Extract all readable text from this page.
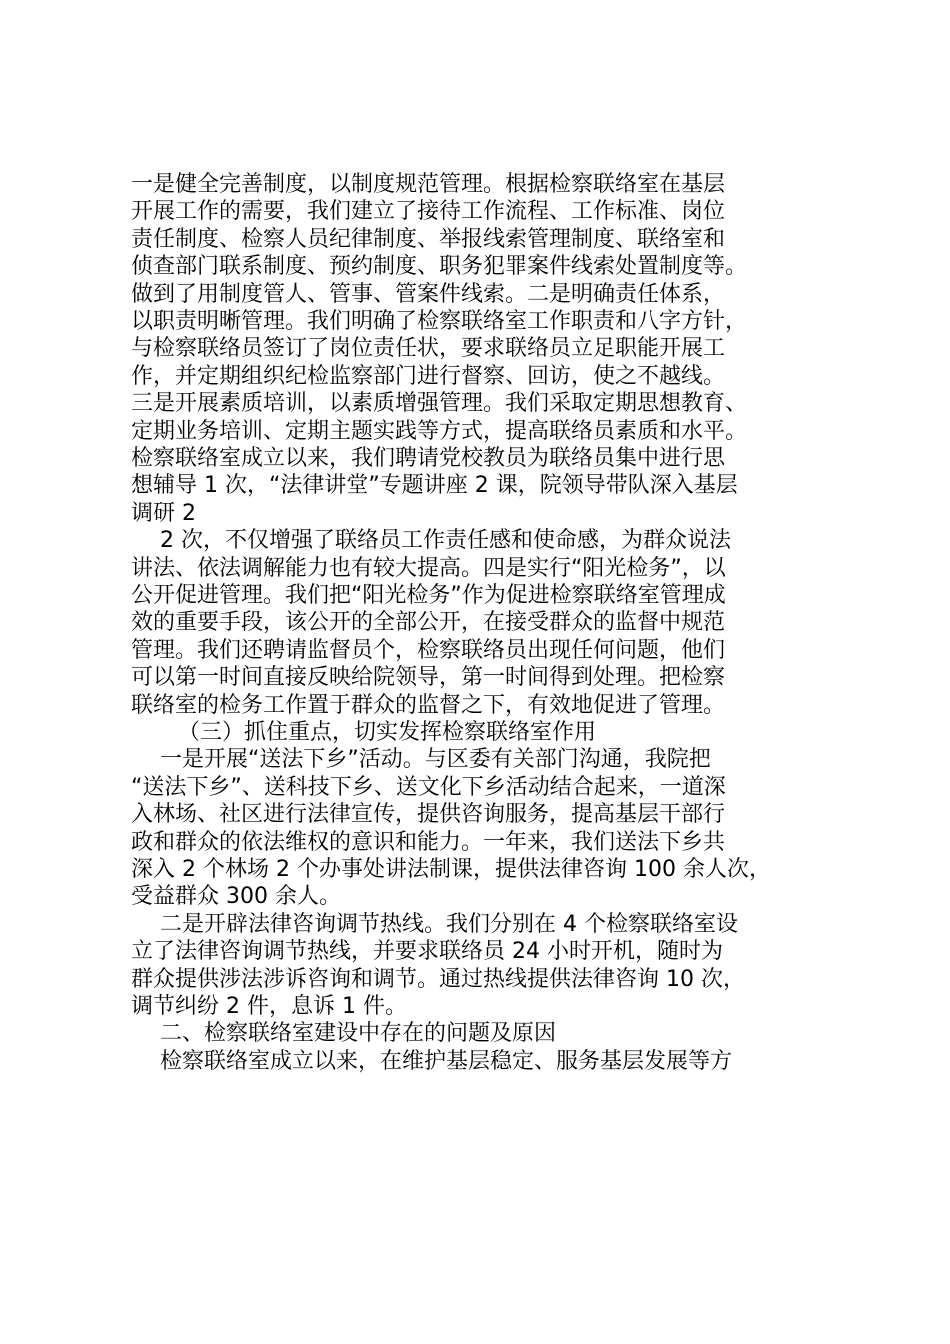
一是健全完善制度，以制度规范管理。根据检察联络室在基层
开展工作的需要，我们建立了接待工作流程、工作标准、岗位
责任制度、检察人员纪律制度、举报线索管理制度、联络室和
侦查部门联系制度、预约制度、职务犯罪案件线索处置制度等。
做到了用制度管人、管事、管案件线索。二是明确责任体系，
以职责明晰管理。我们明确了检察联络室工作职责和八字方针，
与检察联络员签订了岗位责任状，要求联络员立足职能开展工
作，并定期组织纪检监察部门进行督察、回访，使之不越线。
三是开展素质培训，以素质增强管理。我们采取定期思想教育、
定期业务培训、定期主题实践等方式，提高联络员素质和水平。
检察联络室成立以来，我们聘请党校教员为联络员集中进行思
想辅导 1 次，“法律讲堂”专题讲座 2 课，院领导带队深入基层
调研 2
2 次，不仅增强了联络员工作责任感和使命感，为群众说法
讲法、依法调解能力也有较大提高。四是实行“阳光检务”，以
公开促进管理。我们把“阳光检务”作为促进检察联络室管理成
效的重要手段，该公开的全部公开，在接受群众的监督中规范
管理。我们还聘请监督员个，检察联络员出现任何问题，他们
可以第一时间直接反映给院领导，第一时间得到处理。把检察
联络室的检务工作置于群众的监督之下，有效地促进了管理。
（三）抓住重点，切实发挥检察联络室作用
一是开展“送法下乡”活动。与区委有关部门沟通，我院把
“送法下乡”、送科技下乡、送文化下乡活动结合起来，一道深
入林场、社区进行法律宣传，提供咨询服务，提高基层干部行
政和群众的依法维权的意识和能力。一年来，我们送法下乡共
深入 2 个林场 2 个办事处讲法制课，提供法律咨询 100 余人次，
受益群众 300 余人。
二是开辟法律咨询调节热线。我们分别在 4 个检察联络室设
立了法律咨询调节热线，并要求联络员 24 小时开机，随时为
群众提供涉法涉诉咨询和调节。通过热线提供法律咨询 10 次，
调节纠纷 2 件，息诉 1 件。
二、检察联络室建设中存在的问题及原因
检察联络室成立以来，在维护基层稳定、服务基层发展等方
